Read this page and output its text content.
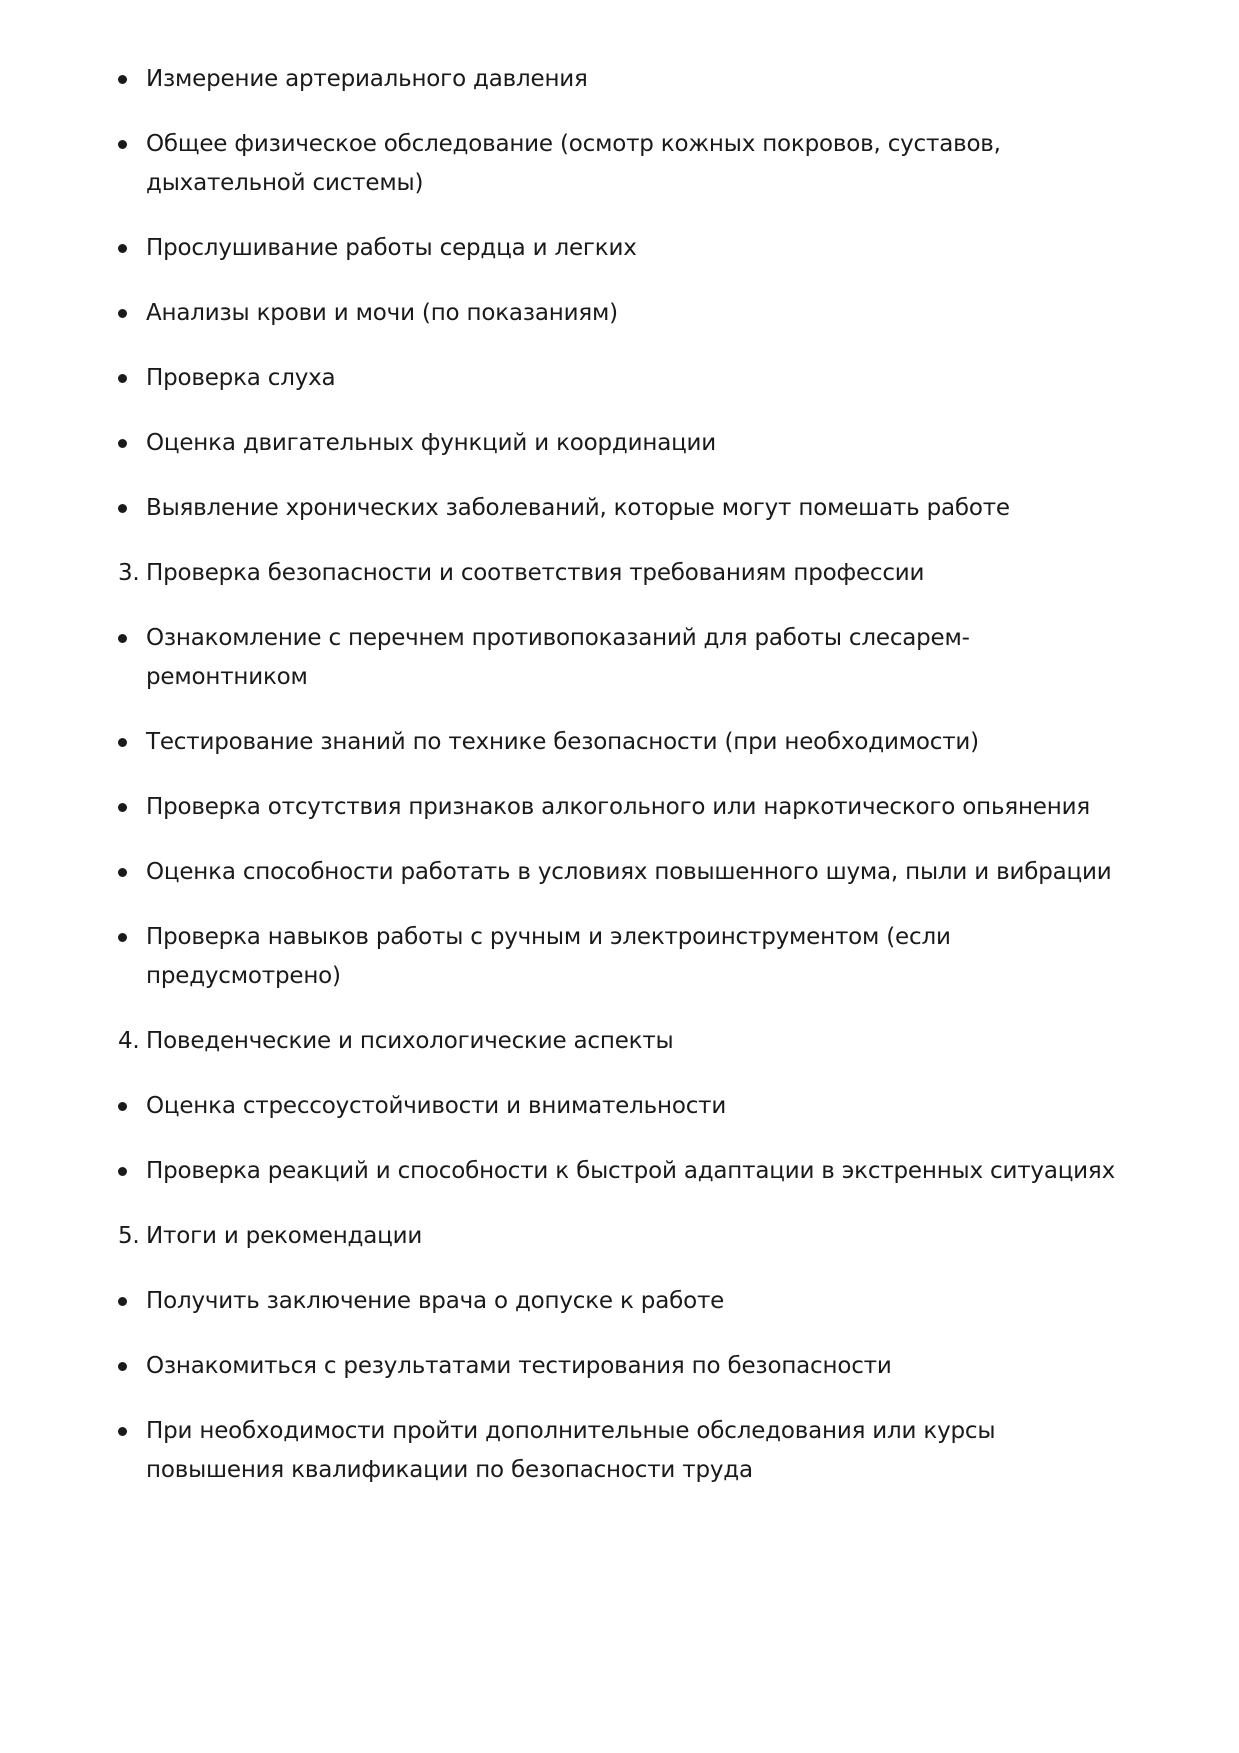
Измерение артериального давления
Общее физическое обследование (осмотр кожных покровов, суставов, дыхательной системы)
Прослушивание работы сердца и легких
Анализы крови и мочи (по показаниям)
Проверка слуха
Оценка двигательных функций и координации
Выявление хронических заболеваний, которые могут помешать работе
3. Проверка безопасности и соответствия требованиям профессии
Ознакомление с перечнем противопоказаний для работы слесарем-ремонтником
Тестирование знаний по технике безопасности (при необходимости)
Проверка отсутствия признаков алкогольного или наркотического опьянения
Оценка способности работать в условиях повышенного шума, пыли и вибрации
Проверка навыков работы с ручным и электроинструментом (если предусмотрено)
4. Поведенческие и психологические аспекты
Оценка стрессоустойчивости и внимательности
Проверка реакций и способности к быстрой адаптации в экстренных ситуациях
5. Итоги и рекомендации
Получить заключение врача о допуске к работе
Ознакомиться с результатами тестирования по безопасности
При необходимости пройти дополнительные обследования или курсы повышения квалификации по безопасности труда
